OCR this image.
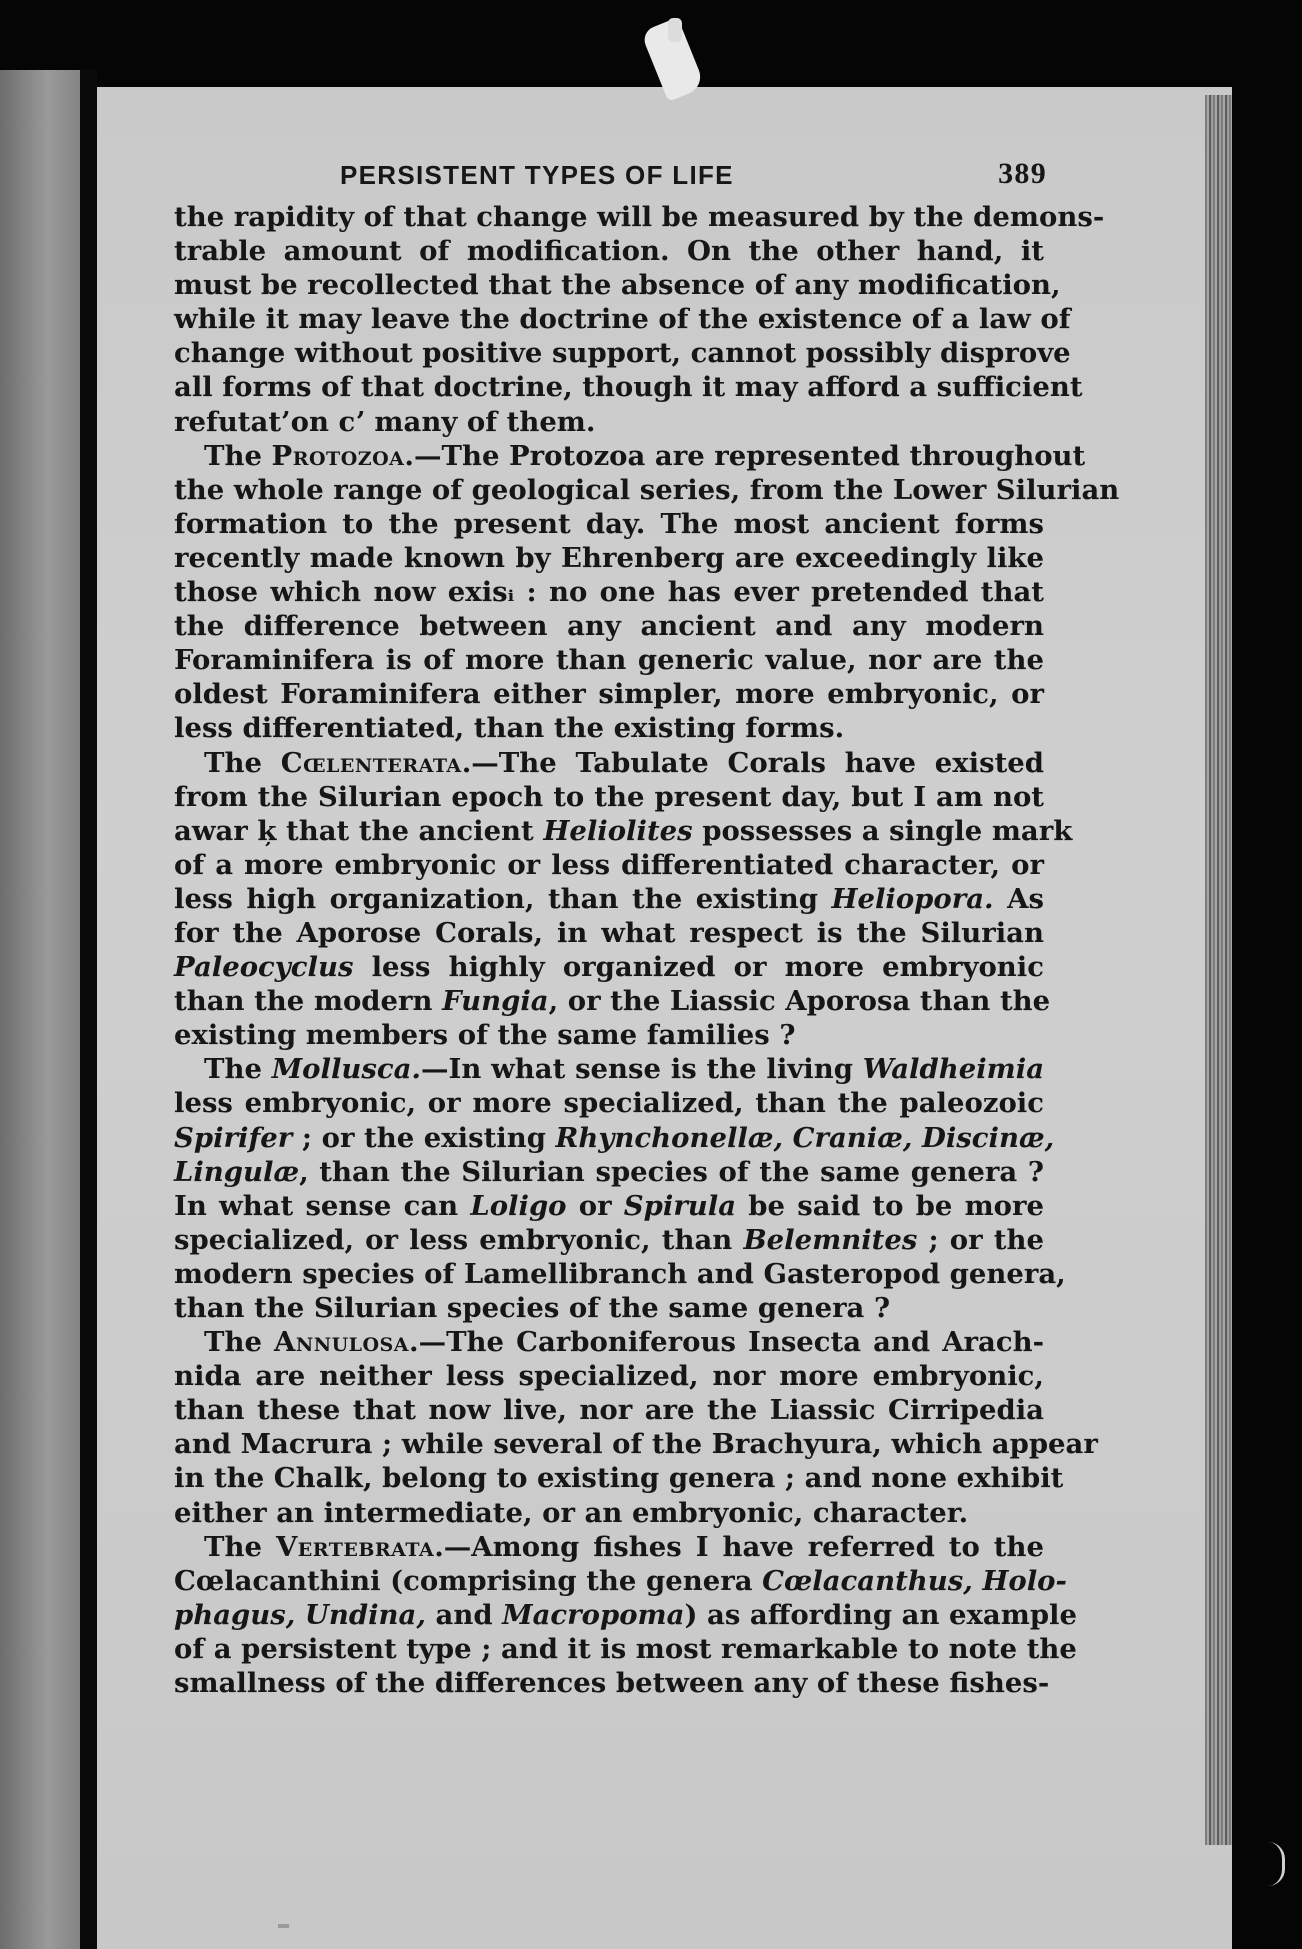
PERSISTENT TYPES OF LIFE	389
the rapidity of that change will be measured by the demons-
trable amount of modification. On the other hand, it
must be recollected that the absence of any modification,
while it may leave the doctrine of the existence of a law of
change without positive support, cannot possibly disprove
all forms of that doctrine, though it may afford a sufficient
refutat’on сʼ many of them.
The Protozoa.—The Protozoa are represented throughout
the whole range of geological series, from the Lower Silurian
formation to the present day. The most ancient forms
recently made known by Ehrenberg are exceedingly like
those which now exisᵢ : no one has ever pretended that
the difference between any ancient and any modern
Foraminifera is of more than generic value, nor are the
oldest Foraminifera either simpler, more embryonic, or
less differentiated, than the existing forms.
The Cœlenterata.—The Tabulate Corals have existed
from the Silurian epoch to the present day, but I am not
awar ķ that the ancient Heliolites possesses a single mark
of a more embryonic or less differentiated character, or
less high organization, than the existing Heliopora. As
for the Aporose Corals, in what respect is the Silurian
Paleocyclus less highly organized or more embryonic
than the modern Fungia, or the Liassic Aporosa than the
existing members of the same families ?
The Mollusca.—In what sense is the living Waldheimia
less embryonic, or more specialized, than the paleozoic
Spirifer ; or the existing Rhynchonellæ, Craniæ, Discinæ,
Lingulæ, than the Silurian species of the same genera ?
In what sense can Loligo or Spirula be said to be more
specialized, or less embryonic, than Belemnites ; or the
modern species of Lamellibranch and Gasteropod genera,
than the Silurian species of the same genera ?
The Annulosa.—The Carboniferous Insecta and Arach-
nida are neither less specialized, nor more embryonic,
than these that now live, nor are the Liassic Cirripedia
and Macrura ; while several of the Brachyura, which appear
in the Chalk, belong to existing genera ; and none exhibit
either an intermediate, or an embryonic, character.
The Vertebrata.—Among fishes I have referred to the
Cœlacanthini (comprising the genera Cœlacanthus, Holo-
phagus, Undina, and Macropoma) as affording an example
of a persistent type ; and it is most remarkable to note the
smallness of the differences between any of these fishes-
